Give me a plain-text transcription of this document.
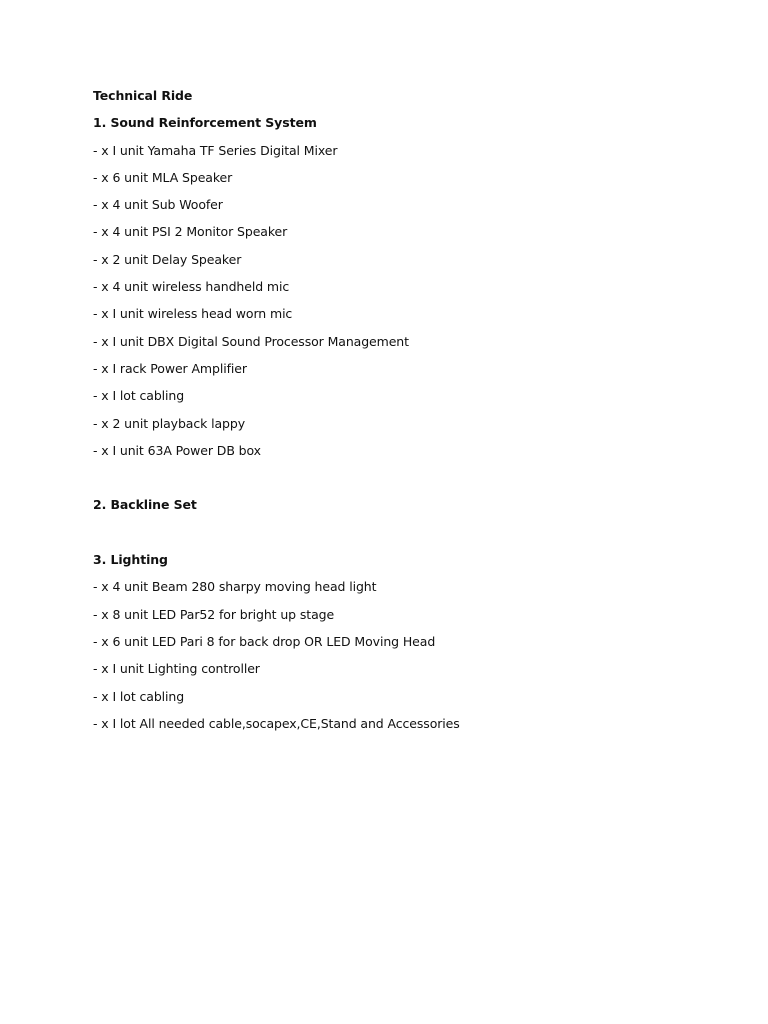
Technical Ride
1. Sound Reinforcement System
- x I unit Yamaha TF Series Digital Mixer
- x 6 unit MLA Speaker
- x 4 unit Sub Woofer
- x 4 unit PSI 2 Monitor Speaker
- x 2 unit Delay Speaker
- x 4 unit wireless handheld mic
- x I unit wireless head worn mic
- x I unit DBX Digital Sound Processor Management
- x I rack Power Amplifier
- x I lot cabling
- x 2 unit playback lappy
- x I unit 63A Power DB box
2. Backline Set
3. Lighting
- x 4 unit Beam 280 sharpy moving head light
- x 8 unit LED Par52 for bright up stage
- x 6 unit LED Pari 8 for back drop OR LED Moving Head
- x I unit Lighting controller
- x I lot cabling
- x I lot All needed cable,socapex,CE,Stand and Accessories
